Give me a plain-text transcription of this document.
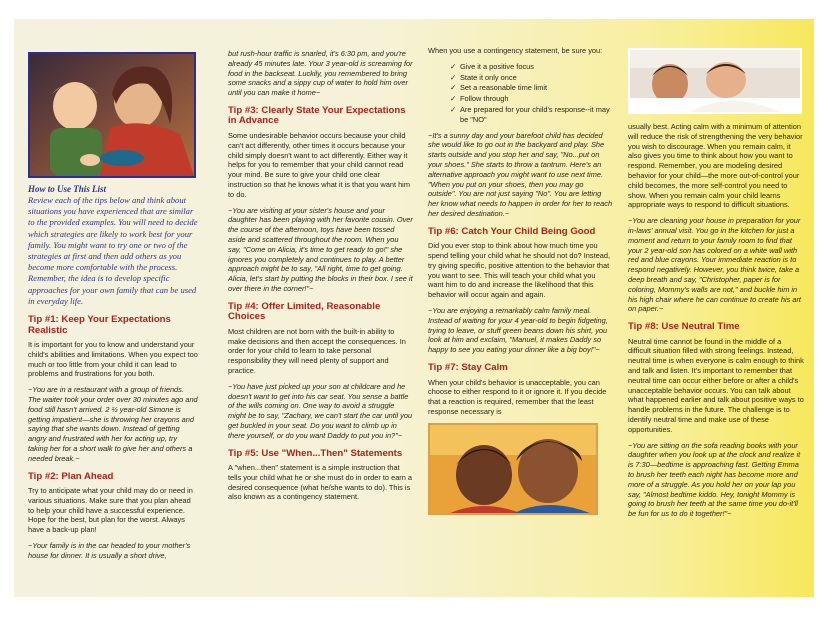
How to Use This List

Review each of the tips below and think about situations you have experienced that are similar to the provided examples. You will need to decide which strategies are likely to work best for your family. You might want to try one or two of the strategies at first and then add others as you become more comfortable with the process. Remember, the idea is to develop specific approaches for your own family that can be used in everyday life.

Tip #1: Keep Your Expectations Realistic

It is important for you to know and understand your child's abilities and limitations. When you expect too much or too little from your child it can lead to problems and frustrations for you both.

~You are in a restaurant with a group of friends. The waiter took your order over 30 minutes ago and food still hasn't arrived. 2 ½ year-old Simone is getting impatient—she is throwing her crayons and saying that she wants down. Instead of getting angry and frustrated with her for acting up, try taking her for a short walk to give her and others a needed break.~

Tip #2: Plan Ahead

Try to anticipate what your child may do or need in various situations. Make sure that you plan ahead to help your child have a successful experience. Hope for the best, but plan for the worst. Always have a back-up plan!

~Your family is in the car headed to your mother's house for dinner. It is usually a short drive,

but rush-hour traffic is snarled, it's 6:30 pm, and you're already 45 minutes late. Your 3 year-old is screaming for food in the backseat. Luckily, you remembered to bring some snacks and a sippy cup of water to hold him over until you can make it home~

Tip #3: Clearly State Your Expectations in Advance

Some undesirable behavior occurs because your child can't act differently, other times it occurs because your child simply doesn't want to act differently. Either way it helps for you to remember that your child cannot read your mind. Be sure to give your child one clear instruction so that he knows what it is that you want him to do.

~You are visiting at your sister's house and your daughter has been playing with her favorite cousin. Over the course of the afternoon, toys have been tossed aside and scattered throughout the room. When you say, "Come on Alicia, it's time to get ready to go!" she ignores you completely and continues to play. A better approach might be to say, "All right, time to get going. Alicia, let's start by putting the blocks in their box. I see it over there in the corner!"~

Tip #4: Offer Limited, Reasonable Choices

Most children are not born with the built-in ability to make decisions and then accept the consequences. In order for your child to learn to take personal responsibility they will need plenty of support and practice.

~You have just picked up your son at childcare and he doesn't want to get into his car seat. You sense a battle of the wills coming on. One way to avoid a struggle might be to say, "Zachary, we can't start the car until you get buckled in your seat. Do you want to climb up in there yourself, or do you want Daddy to put you in?"~

Tip #5: Use "When...Then" Statements

A "when...then" statement is a simple instruction that tells your child what he or she must do in order to earn a desired consequence (what he/she wants to do). This is also known as a contingency statement.

When you use a contingency statement, be sure you:

✓ Give it a positive focus
✓ State it only once
✓ Set a reasonable time limit
✓ Follow through
✓ Are prepared for your child's response--it may be "NO"

~It's a sunny day and your barefoot child has decided she would like to go out in the backyard and play. She starts outside and you stop her and say, "No...put on your shoes." She starts to throw a tantrum. Here's an alternative approach you might want to use next time. "When you put on your shoes, then you may go outside". You are not just saying "No". You are letting her know what needs to happen in order for her to reach her desired destination.~

Tip #6: Catch Your Child Being Good

Did you ever stop to think about how much time you spend telling your child what he should not do? Instead, try giving specific, positive attention to the behavior that you want to see. This will teach your child what you want him to do and increase the likelihood that this behavior will occur again and again.

~You are enjoying a remarkably calm family meal. Instead of waiting for your 4 year-old to begin fidgeting, trying to leave, or stuff green beans down his shirt, you look at him and exclaim, "Manuel, it makes Daddy so happy to see you eating your dinner like a big boy!"~

Tip #7: Stay Calm

When your child's behavior is unacceptable, you can choose to either respond to it or ignore it. If you decide that a reaction is required, remember that the least response necessary is

usually best. Acting calm with a minimum of attention will reduce the risk of strengthening the very behavior you wish to discourage. When you remain calm, it also gives you time to think about how you want to respond. Remember, you are modeling desired behavior for your child—the more out-of-control your child becomes, the more self-control you need to show. When you remain calm your child learns appropriate ways to respond to difficult situations.

~You are cleaning your house in preparation for your in-laws' annual visit. You go in the kitchen for just a moment and return to your family room to find that your 2 year-old son has colored on a white wall with red and blue crayons. Your immediate reaction is to respond negatively. However, you think twice, take a deep breath and say, "Christopher, paper is for coloring, Mommy's walls are not," and buckle him in his high chair where he can continue to create his art on paper.~

Tip #8: Use Neutral Time

Neutral time cannot be found in the middle of a difficult situation filled with strong feelings. Instead, neutral time is when everyone is calm enough to think and talk and listen. It's important to remember that neutral time can occur either before or after a child's unacceptable behavior occurs. You can talk about what happened earlier and talk about positive ways to handle problems in the future. The challenge is to identify neutral time and make use of these opportunities.

~You are sitting on the sofa reading books with your daughter when you look up at the clock and realize it is 7:30—bedtime is approaching fast. Getting Emma to brush her teeth each night has become more and more of a struggle. As you hold her on your lap you say, "Almost bedtime kiddo. Hey, tonight Mommy is going to brush her teeth at the same time you do-it'll be fun for us to do it together!"~
